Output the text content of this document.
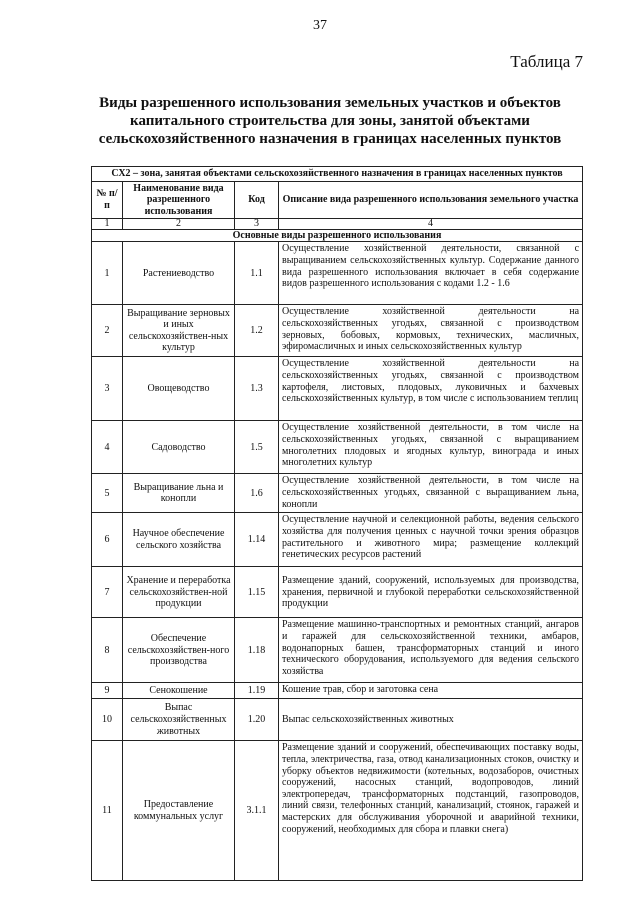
37
Таблица 7
Виды разрешенного использования земельных участков и объектов капитального строительства для зоны, занятой объектами сельскохозяйственного назначения в границах населенных пунктов
СХ2 – зона, занятая объектами сельскохозяйственного назначения в границах населенных пунктов			
№ п/п	Наименование вида разрешенного использования	Код	Описание вида разрешенного использования земельного участка
1	2	3	4
Основные виды разрешенного использования			
1	Растениеводство	1.1	Осуществление хозяйственной деятельности, связанной с выращиванием сельскохозяйственных культур. Содержание данного вида разрешенного использования включает в себя содержание видов разрешенного использования с кодами 1.2 - 1.6
2	Выращивание зерновых и иных сельскохозяйствен-ных культур	1.2	Осуществление хозяйственной деятельности на сельскохозяйственных угодьях, связанной с производством зерновых, бобовых, кормовых, технических, масличных, эфиромасличных и иных сельскохозяйственных культур
3	Овощеводство	1.3	Осуществление хозяйственной деятельности на сельскохозяйственных угодьях, связанной с производством картофеля, листовых, плодовых, луковичных и бахчевых сельскохозяйственных культур, в том числе с использованием теплиц
4	Садоводство	1.5	Осуществление хозяйственной деятельности, в том числе на сельскохозяйственных угодьях, связанной с выращиванием многолетних плодовых и ягодных культур, винограда и иных многолетних культур
5	Выращивание льна и конопли	1.6	Осуществление хозяйственной деятельности, в том числе на сельскохозяйственных угодьях, связанной с выращиванием льна, конопли
6	Научное обеспечение сельского хозяйства	1.14	Осуществление научной и селекционной работы, ведения сельского хозяйства для получения ценных с научной точки зрения образцов растительного и животного мира; размещение коллекций генетических ресурсов растений
7	Хранение и переработка сельскохозяйствен-ной продукции	1.15	Размещение зданий, сооружений, используемых для производства, хранения, первичной и глубокой переработки сельскохозяйственной продукции
8	Обеспечение сельскохозяйствен-ного производства	1.18	Размещение машинно-транспортных и ремонтных станций, ангаров и гаражей для сельскохозяйственной техники, амбаров, водонапорных башен, трансформаторных станций и иного технического оборудования, используемого для ведения сельского хозяйства
9	Сенокошение	1.19	Кошение трав, сбор и заготовка сена
10	Выпас сельскохозяйственных животных	1.20	Выпас сельскохозяйственных животных
11	Предоставление коммунальных услуг	3.1.1	Размещение зданий и сооружений, обеспечивающих поставку воды, тепла, электричества, газа, отвод канализационных стоков, очистку и уборку объектов недвижимости (котельных, водозаборов, очистных сооружений, насосных станций, водопроводов, линий электропередач, трансформаторных подстанций, газопроводов, линий связи, телефонных станций, канализаций, стоянок, гаражей и мастерских для обслуживания уборочной и аварийной техники, сооружений, необходимых для сбора и плавки снега)
